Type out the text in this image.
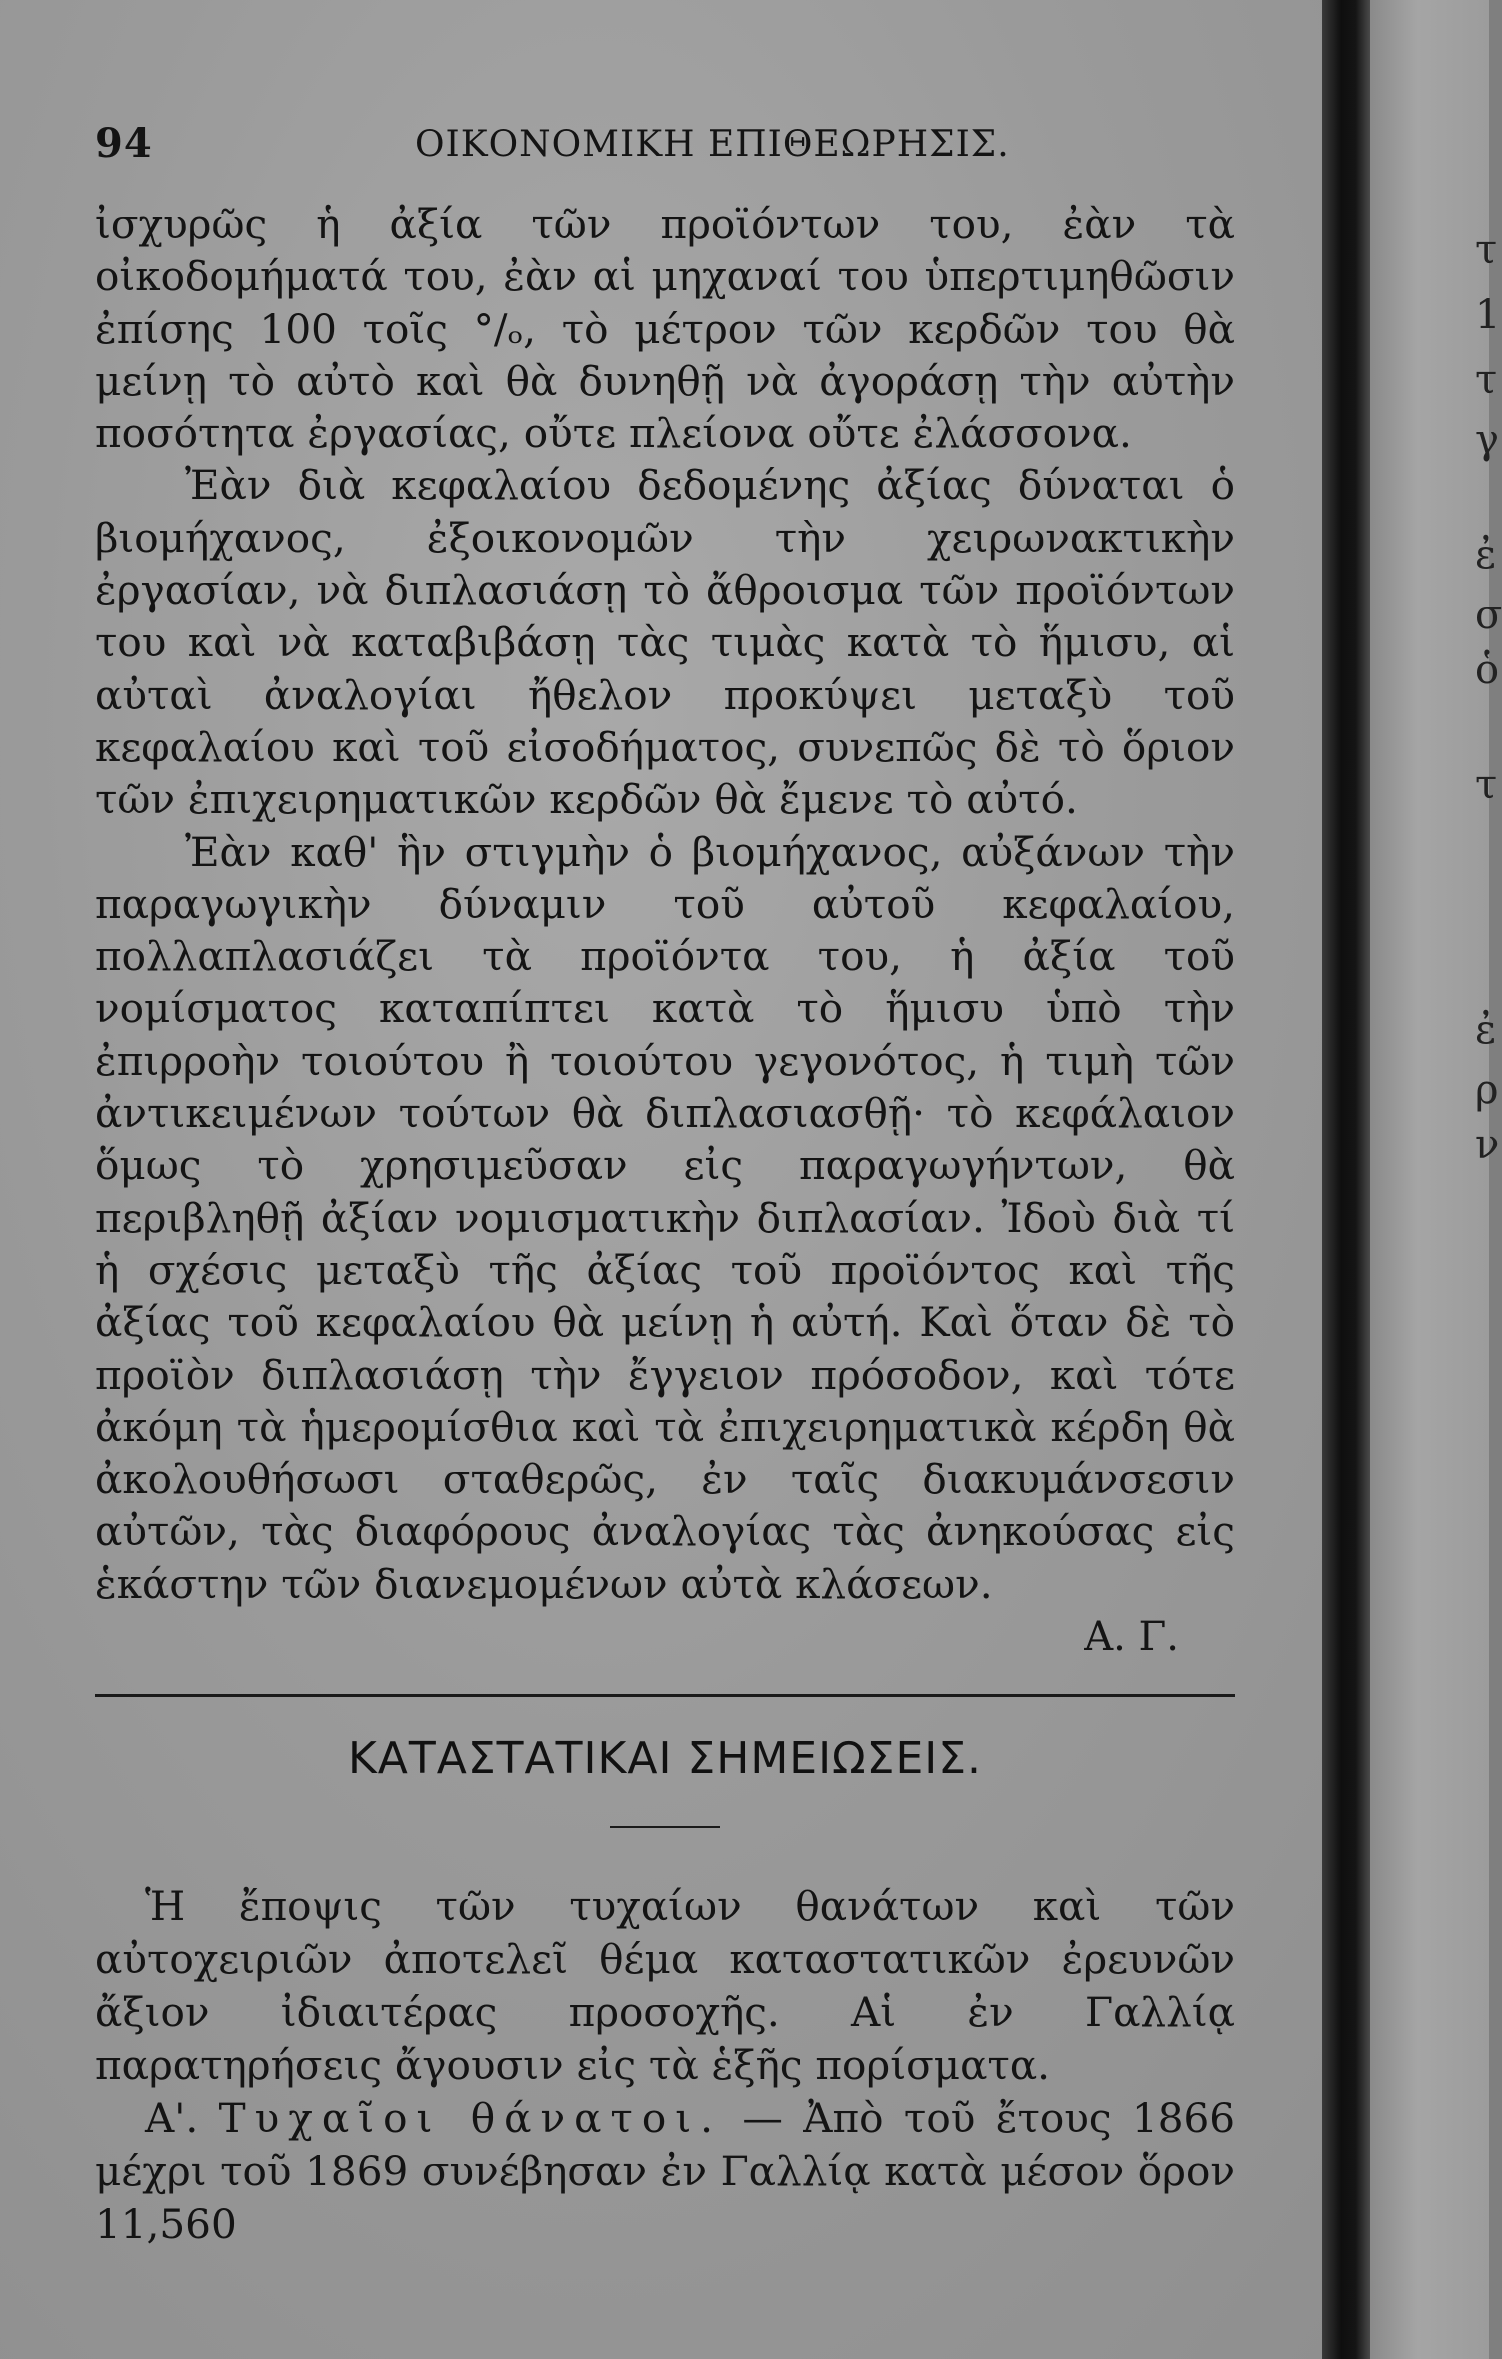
τ
1
τ
γ
ἐ
σ
ὁ
τ
ἐ
ρ
ν
94	ΟΙΚΟΝΟΜΙΚΗ ΕΠΙΘΕΩΡΗΣΙΣ.

ἰσχυρῶς ἡ ἀξία τῶν προϊόντων του, ἐὰν τὰ οἰκοδομήματά του, ἐὰν αἱ μηχαναί του ὑπερτιμηθῶσιν ἐπίσης 100 τοῖς °/ₒ, τὸ μέτρον τῶν κερδῶν του θὰ μείνῃ τὸ αὐτὸ καὶ θὰ δυνηθῇ νὰ ἀγοράσῃ τὴν αὐτὴν ποσότητα ἐργασίας, οὔτε πλείονα οὔτε ἐλάσσονα.

Ἐὰν διὰ κεφαλαίου δεδομένης ἀξίας δύναται ὁ βιομήχανος, ἐξοικονομῶν τὴν χειρωνακτικὴν ἐργασίαν, νὰ διπλασιάσῃ τὸ ἄθροισμα τῶν προϊόντων του καὶ νὰ καταβιβάσῃ τὰς τιμὰς κατὰ τὸ ἥμισυ, αἱ αὐταὶ ἀναλογίαι ἤθελον προκύψει μεταξὺ τοῦ κεφαλαίου καὶ τοῦ εἰσοδήματος, συνεπῶς δὲ τὸ ὅριον τῶν ἐπιχειρηματικῶν κερδῶν θὰ ἔμενε τὸ αὐτό.

Ἐὰν καθ' ἣν στιγμὴν ὁ βιομήχανος, αὐξάνων τὴν παραγωγικὴν δύναμιν τοῦ αὐτοῦ κεφαλαίου, πολλαπλασιάζει τὰ προϊόντα του, ἡ ἀξία τοῦ νομίσματος καταπίπτει κατὰ τὸ ἥμισυ ὑπὸ τὴν ἐπιρροὴν τοιούτου ἢ τοιούτου γεγονότος, ἡ τιμὴ τῶν ἀντικειμένων τούτων θὰ διπλασιασθῇ· τὸ κεφάλαιον ὅμως τὸ χρησιμεῦσαν εἰς παραγωγήντων, θὰ περιβληθῇ ἀξίαν νομισματικὴν διπλασίαν. Ἰδοὺ διὰ τί ἡ σχέσις μεταξὺ τῆς ἀξίας τοῦ προϊόντος καὶ τῆς ἀξίας τοῦ κεφαλαίου θὰ μείνῃ ἡ αὐτή. Καὶ ὅταν δὲ τὸ προϊὸν διπλασιάσῃ τὴν ἔγγειον πρόσοδον, καὶ τότε ἀκόμη τὰ ἡμερομίσθια καὶ τὰ ἐπιχειρηματικὰ κέρδη θὰ ἀκολουθήσωσι σταθερῶς, ἐν ταῖς διακυμάνσεσιν αὐτῶν, τὰς διαφόρους ἀναλογίας τὰς ἀνηκούσας εἰς ἑκάστην τῶν διανεμομένων αὐτὰ κλάσεων.

Α. Γ.
ΚΑΤΑΣΤΑΤΙΚΑΙ ΣΗΜΕΙΩΣΕΙΣ.

Ἡ ἔποψις τῶν τυχαίων θανάτων καὶ τῶν αὐτοχειριῶν ἀποτελεῖ θέμα καταστατικῶν ἐρευνῶν ἄξιον ἰδιαιτέρας προσοχῆς. Αἱ ἐν Γαλλίᾳ παρατηρήσεις ἄγουσιν εἰς τὰ ἑξῆς πορίσματα.

Α'. Τυχαῖοι θάνατοι. — Ἀπὸ τοῦ ἔτους 1866 μέχρι τοῦ 1869 συνέβησαν ἐν Γαλλίᾳ κατὰ μέσον ὅρον 11,560
